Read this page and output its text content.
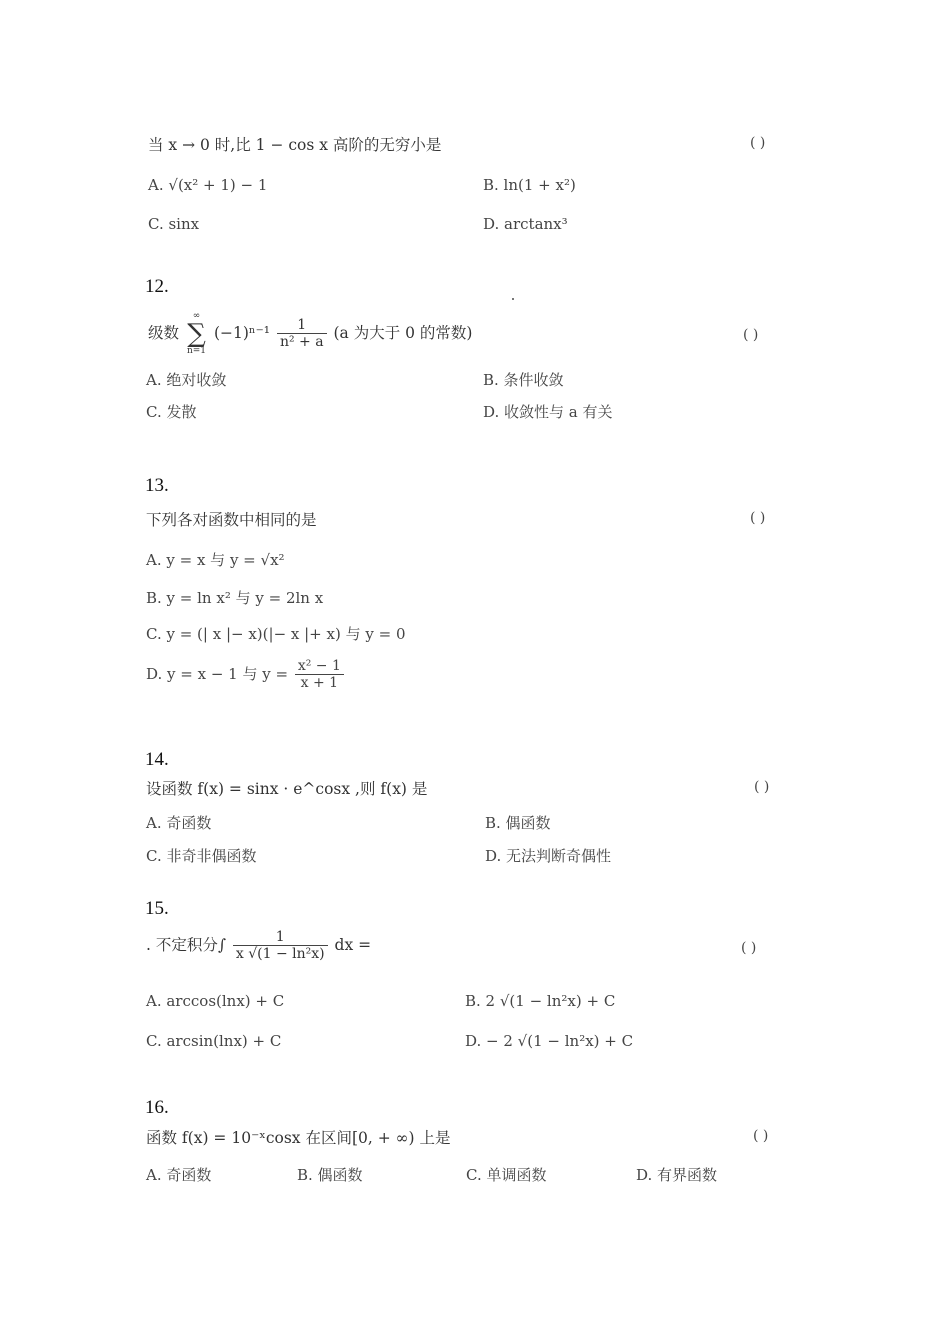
当 x → 0 时,比 1 − cos x 高阶的无穷小是	( )
A. √(x² + 1) − 1	B. ln(1 + x²)
C. sinx	D. arctanx³
12.
级数
∞
∑
n=1
$(-1)^{n-1} \frac{1}{\text{n² + a}} (a$ 为大于 0 的常数)	( )
A. 绝对收敛	B. 条件收敛
C. 发散	D. 收敛性与 a 有关
13.
下列各对函数中相同的是	( )
A. y = x 与 y = √x²
B. y = ln x² 与 y = 2ln x
C. y = (| x |− x)(|− x |+ x) 与 y = 0
D. y = x − 1 与 $y = \frac{\text{x² − 1}}{x + 1}$
14.
设函数 f(x) = sinx · e^cosx ,则 f(x) 是	( )
A. 奇函数	B. 偶函数
C. 非奇非偶函数	D. 无法判断奇偶性
15.
. 不定积分∫ $\frac{1}{\text{x √(1 − ln²x)}}$ dx =	( )
A. arccos(lnx) + C	B. 2 √(1 − ln²x) + C
C. arcsin(lnx) + C	D. − 2 √(1 − ln²x) + C
16.
函数 f(x) = 10⁻ˣcosx 在区间[0, + ∞) 上是	( )
A. 奇函数	B. 偶函数	C. 单调函数	D. 有界函数
